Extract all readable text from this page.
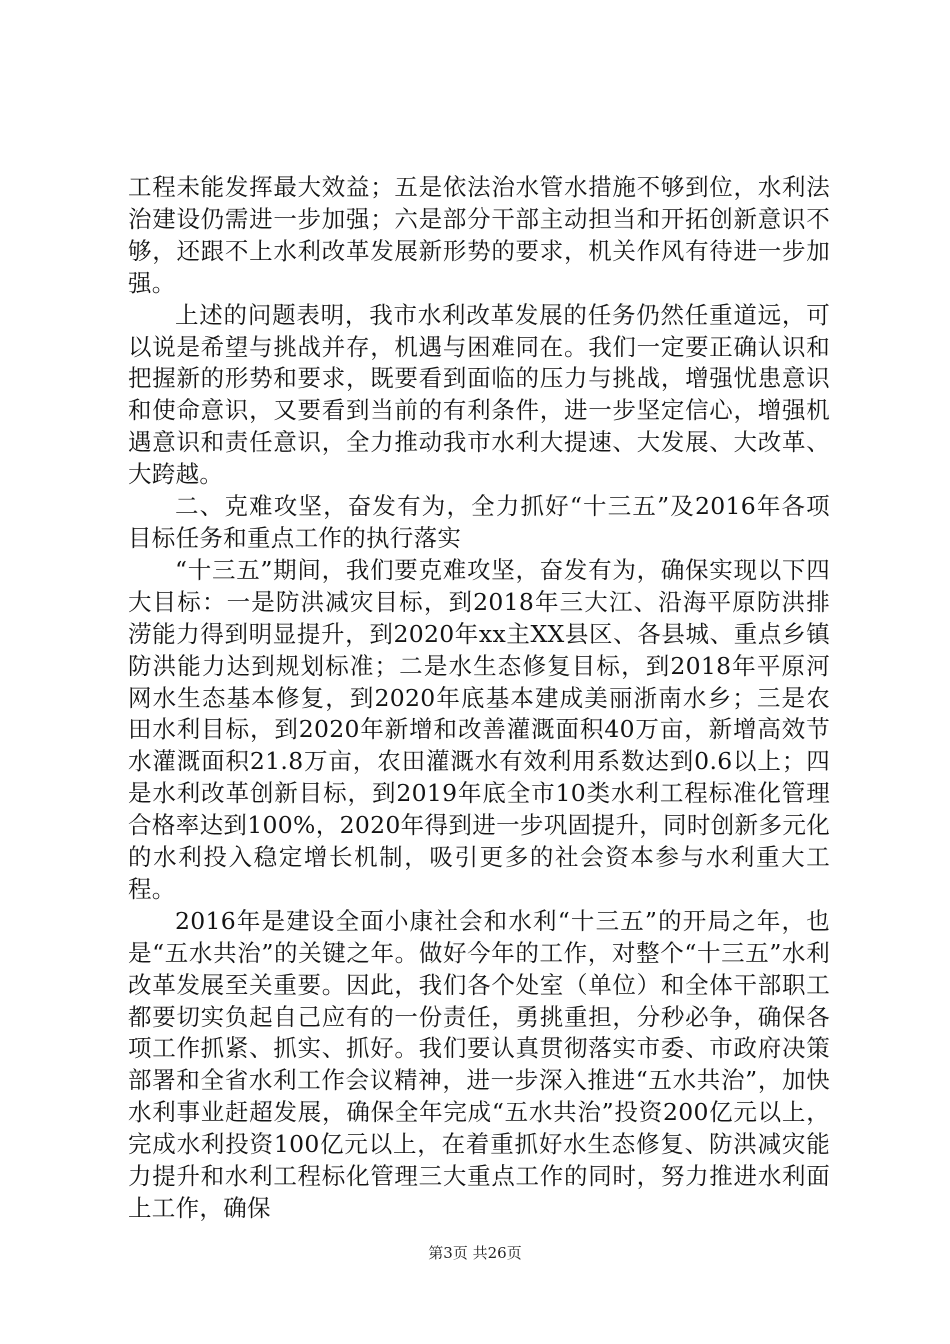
工程未能发挥最大效益；五是依法治水管水措施不够到位，水利法治建设仍需进一步加强；六是部分干部主动担当和开拓创新意识不够，还跟不上水利改革发展新形势的要求，机关作风有待进一步加强。

上述的问题表明，我市水利改革发展的任务仍然任重道远，可以说是希望与挑战并存，机遇与困难同在。我们一定要正确认识和把握新的形势和要求，既要看到面临的压力与挑战，增强忧患意识和使命意识，又要看到当前的有利条件，进一步坚定信心，增强机遇意识和责任意识，全力推动我市水利大提速、大发展、大改革、大跨越。

二、克难攻坚，奋发有为，全力抓好“十三五”及2016年各项目标任务和重点工作的执行落实

“十三五”期间，我们要克难攻坚，奋发有为，确保实现以下四大目标：一是防洪减灾目标，到2018年三大江、沿海平原防洪排涝能力得到明显提升，到2020年xx主XX县区、各县城、重点乡镇防洪能力达到规划标准；二是水生态修复目标，到2018年平原河网水生态基本修复，到2020年底基本建成美丽浙南水乡；三是农田水利目标，到2020年新增和改善灌溉面积40万亩，新增高效节水灌溉面积21.8万亩，农田灌溉水有效利用系数达到0.6以上；四是水利改革创新目标，到2019年底全市10类水利工程标准化管理合格率达到100%，2020年得到进一步巩固提升，同时创新多元化的水利投入稳定增长机制，吸引更多的社会资本参与水利重大工程。

2016年是建设全面小康社会和水利“十三五”的开局之年，也是“五水共治”的关键之年。做好今年的工作，对整个“十三五”水利改革发展至关重要。因此，我们各个处室（单位）和全体干部职工都要切实负起自己应有的一份责任，勇挑重担，分秒必争，确保各项工作抓紧、抓实、抓好。我们要认真贯彻落实市委、市政府决策部署和全省水利工作会议精神，进一步深入推进“五水共治”，加快水利事业赶超发展，确保全年完成“五水共治”投资200亿元以上，完成水利投资100亿元以上，在着重抓好水生态修复、防洪减灾能力提升和水利工程标化管理三大重点工作的同时，努力推进水利面上工作，确保

第3页 共26页
